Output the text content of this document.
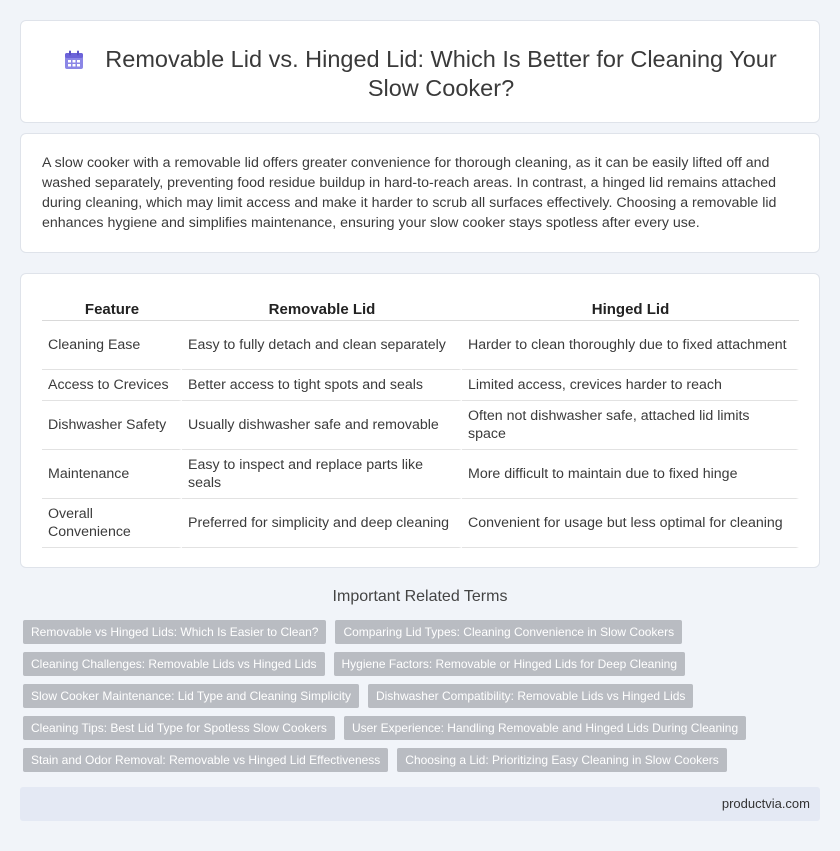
Removable Lid vs. Hinged Lid: Which Is Better for Cleaning Your Slow Cooker?

A slow cooker with a removable lid offers greater convenience for thorough cleaning, as it can be easily lifted off and washed separately, preventing food residue buildup in hard-to-reach areas. In contrast, a hinged lid remains attached during cleaning, which may limit access and make it harder to scrub all surfaces effectively. Choosing a removable lid enhances hygiene and simplifies maintenance, ensuring your slow cooker stays spotless after every use.

Feature	Removable Lid	Hinged Lid
Cleaning Ease	Easy to fully detach and clean separately	Harder to clean thoroughly due to fixed attachment
Access to Crevices	Better access to tight spots and seals	Limited access, crevices harder to reach
Dishwasher Safety	Usually dishwasher safe and removable	Often not dishwasher safe, attached lid limits space
Maintenance	Easy to inspect and replace parts like seals	More difficult to maintain due to fixed hinge
Overall Convenience	Preferred for simplicity and deep cleaning	Convenient for usage but less optimal for cleaning
Important Related Terms
Removable vs Hinged Lids: Which Is Easier to Clean?	Comparing Lid Types: Cleaning Convenience in Slow Cookers
Cleaning Challenges: Removable Lids vs Hinged Lids	Hygiene Factors: Removable or Hinged Lids for Deep Cleaning
Slow Cooker Maintenance: Lid Type and Cleaning Simplicity	Dishwasher Compatibility: Removable Lids vs Hinged Lids
Cleaning Tips: Best Lid Type for Spotless Slow Cookers	User Experience: Handling Removable and Hinged Lids During Cleaning
Stain and Odor Removal: Removable vs Hinged Lid Effectiveness	Choosing a Lid: Prioritizing Easy Cleaning in Slow Cookers
productvia.com
